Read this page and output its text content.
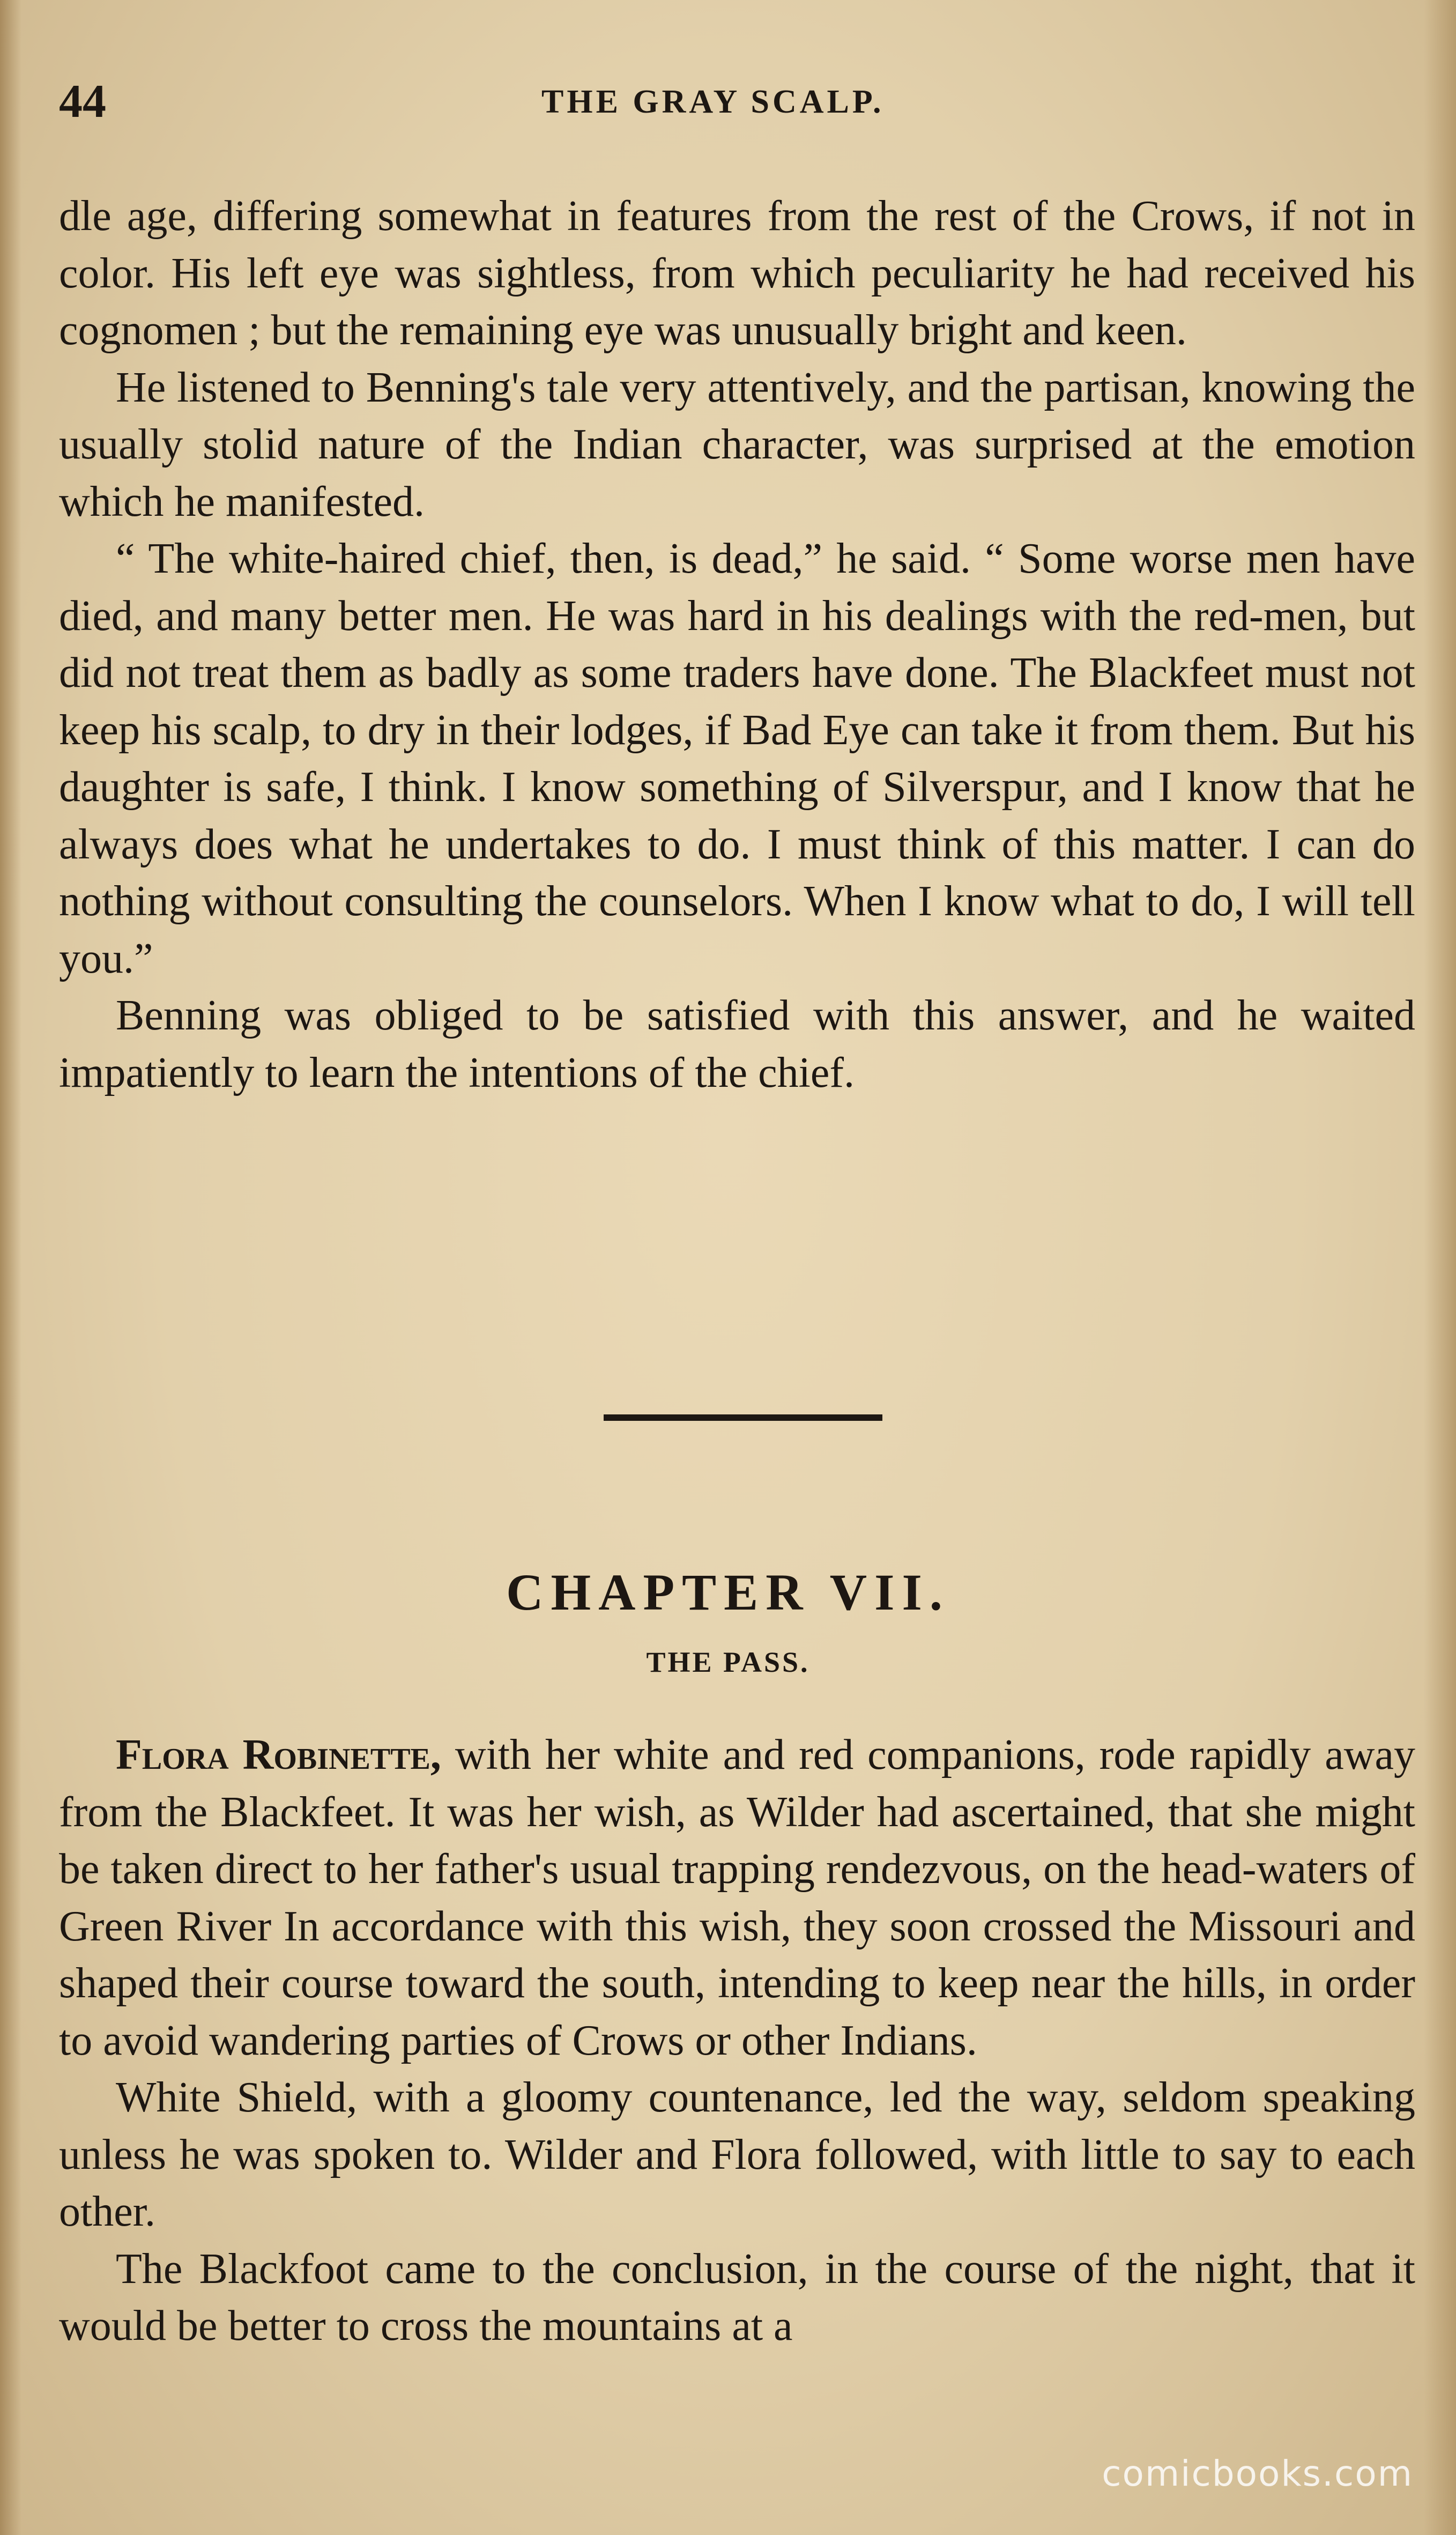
44	THE GRAY SCALP.

dle age, differing somewhat in features from the rest of the Crows, if not in color. His left eye was sightless, from which peculiarity he had received his cognomen ; but the remaining eye was unusually bright and keen.

He listened to Benning's tale very attentively, and the partisan, knowing the usually stolid nature of the Indian character, was surprised at the emotion which he manifested.

“ The white-haired chief, then, is dead,” he said. “ Some worse men have died, and many better men. He was hard in his dealings with the red-men, but did not treat them as badly as some traders have done. The Blackfeet must not keep his scalp, to dry in their lodges, if Bad Eye can take it from them. But his daughter is safe, I think. I know something of Silverspur, and I know that he always does what he undertakes to do. I must think of this matter. I can do nothing without consulting the counselors. When I know what to do, I will tell you.”

Benning was obliged to be satisfied with this answer, and he waited impatiently to learn the intentions of the chief.

CHAPTER VII.
THE PASS.

Flora Robinette, with her white and red companions, rode rapidly away from the Blackfeet. It was her wish, as Wilder had ascertained, that she might be taken direct to her father's usual trapping rendezvous, on the head-waters of Green River In accordance with this wish, they soon crossed the Missouri and shaped their course toward the south, intending to keep near the hills, in order to avoid wandering parties of Crows or other Indians.

White Shield, with a gloomy countenance, led the way, seldom speaking unless he was spoken to. Wilder and Flora followed, with little to say to each other.

The Blackfoot came to the conclusion, in the course of the night, that it would be better to cross the mountains at a

comicbooks.com
